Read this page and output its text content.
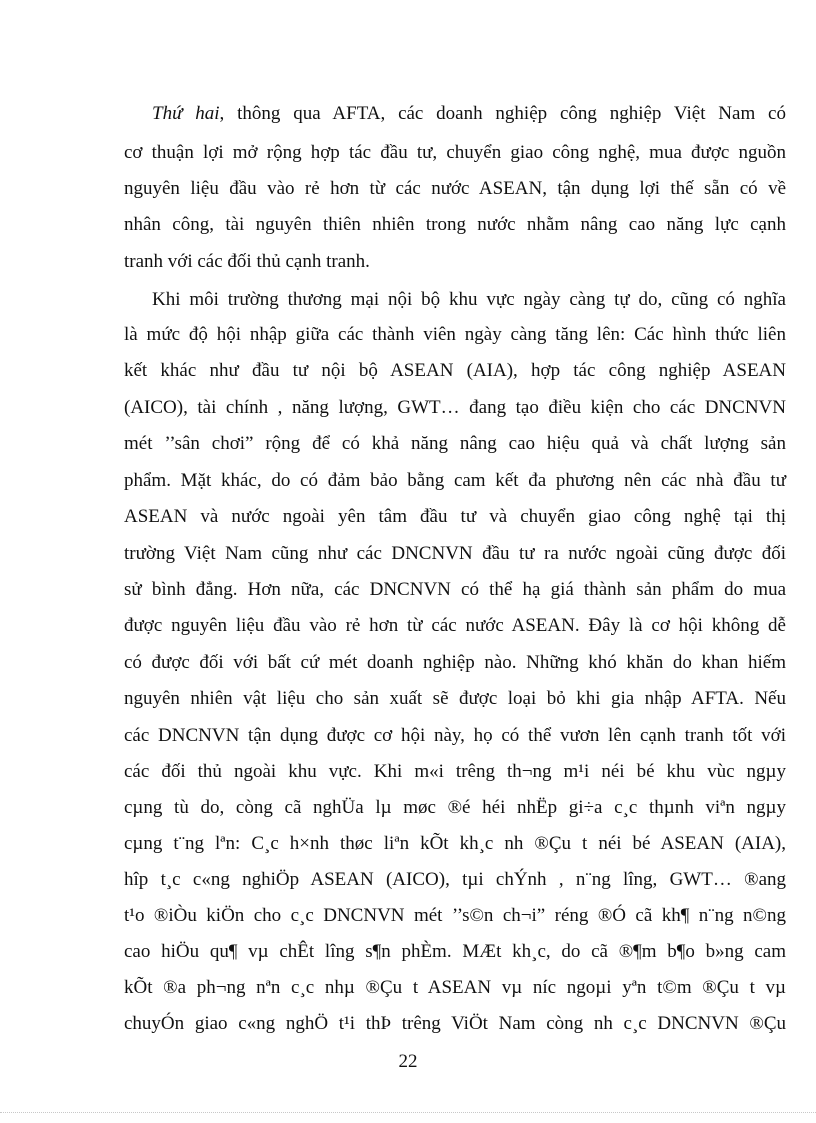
Thứ hai, thông qua AFTA, các doanh nghiệp công nghiệp Việt Nam có
cơ thuận lợi mở rộng hợp tác đầu tư, chuyển giao công nghệ, mua được nguồn
nguyên liệu đầu vào rẻ hơn từ các nước ASEAN, tận dụng lợi thế sẵn có về
nhân công, tài nguyên thiên nhiên trong nước nhằm nâng cao năng lực cạnh
tranh với các đối thủ cạnh tranh.
Khi môi trường thương mại nội bộ khu vực ngày càng tự do, cũng có nghĩa
là mức độ hội nhập giữa các thành viên ngày càng tăng lên: Các hình thức liên
kết khác như đầu tư nội bộ ASEAN (AIA), hợp tác công nghiệp ASEAN
(AICO), tài chính , năng lượng, GWT… đang tạo điều kiện cho các DNCNVN
mét ’’sân chơi” rộng để có khả năng nâng cao hiệu quả và chất lượng sản
phẩm. Mặt khác, do có đảm bảo bằng cam kết đa phương nên các nhà đầu tư
ASEAN và nước ngoài yên tâm đầu tư và chuyển giao công nghệ tại thị
trường Việt Nam cũng như các DNCNVN đầu tư ra nước ngoài cũng được đối
sử bình đẳng. Hơn nữa, các DNCNVN có thể hạ giá thành sản phẩm do mua
được nguyên liệu đầu vào rẻ hơn từ các nước ASEAN. Đây là cơ hội không dễ
có được đối với bất cứ mét doanh nghiệp nào. Những khó khăn do khan hiếm
nguyên nhiên vật liệu cho sản xuất sẽ được loại bỏ khi gia nhập AFTA. Nếu
các DNCNVN tận dụng được cơ hội này, họ có thể vươn lên cạnh tranh tốt với
các đối thủ ngoài khu vực. Khi m«i trêng th¬ng m¹i néi bé khu vùc ngµy
cµng tù do, còng cã nghÜa lµ møc ®é héi nhËp gi÷a c¸c thµnh viªn ngµy
cµng t¨ng lªn: C¸c h×nh thøc liªn kÕt kh¸c nh ®Çu t néi bé ASEAN (AIA),
hîp t¸c c«ng nghiÖp ASEAN (AICO), tµi chÝnh , n¨ng lîng, GWT… ®ang
t¹o ®iÒu kiÖn cho c¸c DNCNVN mét ’’s©n ch¬i” réng ®Ó cã kh¶ n¨ng n©ng
cao hiÖu qu¶ vµ chÊt lîng s¶n phÈm. MÆt kh¸c, do cã ®¶m b¶o b»ng cam
kÕt ®a ph¬ng nªn c¸c nhµ ®Çu t ASEAN vµ níc ngoµi yªn t©m ®Çu t vµ
chuyÓn giao c«ng nghÖ t¹i thÞ trêng ViÖt Nam còng nh c¸c DNCNVN ®Çu
22
